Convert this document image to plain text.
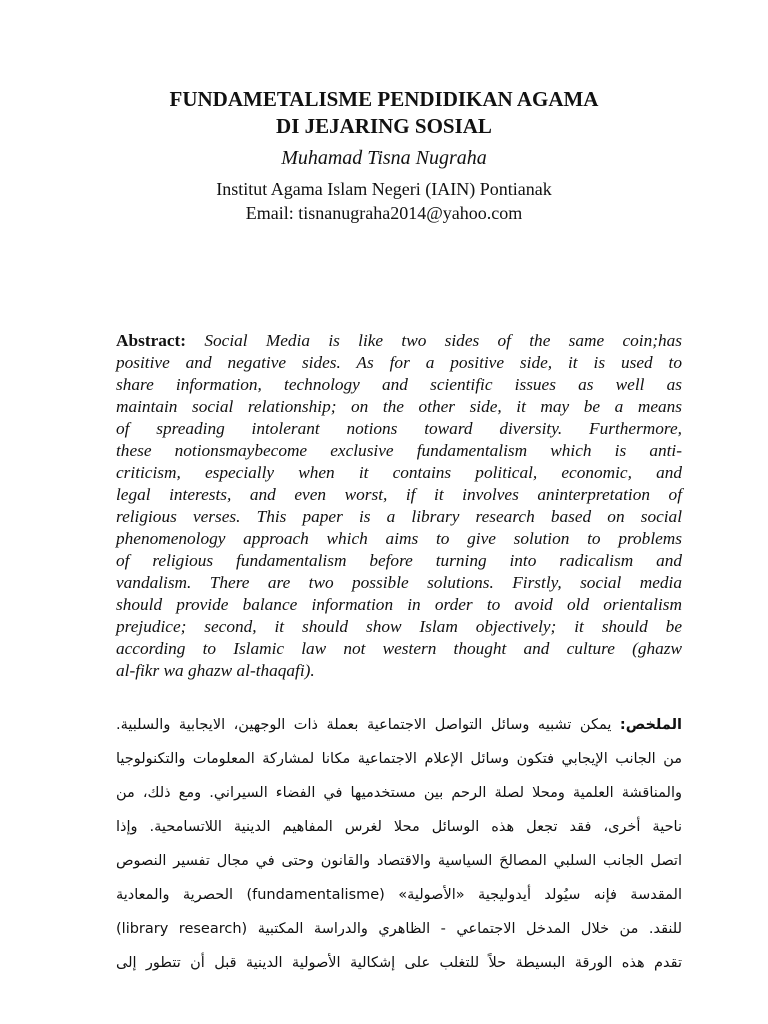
FUNDAMETALISME PENDIDIKAN AGAMA
DI JEJARING SOSIAL
Muhamad Tisna Nugraha
Institut Agama Islam Negeri (IAIN) Pontianak
Email: tisnanugraha2014@yahoo.com
Abstract: Social Media is like two sides of the same coin;has
positive and negative sides. As for a positive side, it is used to
share information, technology and scientific issues as well as
maintain social relationship; on the other side, it may be a means
of spreading intolerant notions toward diversity. Furthermore,
these notionsmaybecome exclusive fundamentalism which is anti-
criticism, especially when it contains political, economic, and
legal interests, and even worst, if it involves aninterpretation of
religious verses. This paper is a library research based on social
phenomenology approach which aims to give solution to problems
of religious fundamentalism before turning into radicalism and
vandalism. There are two possible solutions. Firstly, social media
should provide balance information in order to avoid old orientalism
prejudice; second, it should show Islam objectively; it should be
according to Islamic law not western thought and culture (ghazw
al-fikr wa ghazw al-thaqafi).
الملخص: يمكن تشبيه وسائل التواصل الاجتماعية بعملة ذات الوجهين، الايجابية والسلبية.
من الجانب الإيجابي فتكون وسائل الإعلام الاجتماعية مكانا لمشاركة المعلومات والتكنولوجيا
والمناقشة العلمية ومحلا لصلة الرحم بين مستخدميها في الفضاء السيراني. ومع ذلك، من
ناحية أخرى، فقد تجعل هذه الوسائل محلا لغرس المفاهيم الدينية اللاتسامحية. وإذا
اتصل الجانب السلبي المصالحَ السياسية والاقتصاد والقانون وحتى في مجال تفسير النصوص
المقدسة فإنه سيُولد أيدوليجية «الأصولية» (fundamentalisme) الحصرية والمعادية
للنقد. من خلال المدخل الاجتماعي - الظاهري والدراسة المكتبية (library research)
تقدم هذه الورقة البسيطة حلاً للتغلب على إشكالية الأصولية الدينية قبل أن تتطور إلى
